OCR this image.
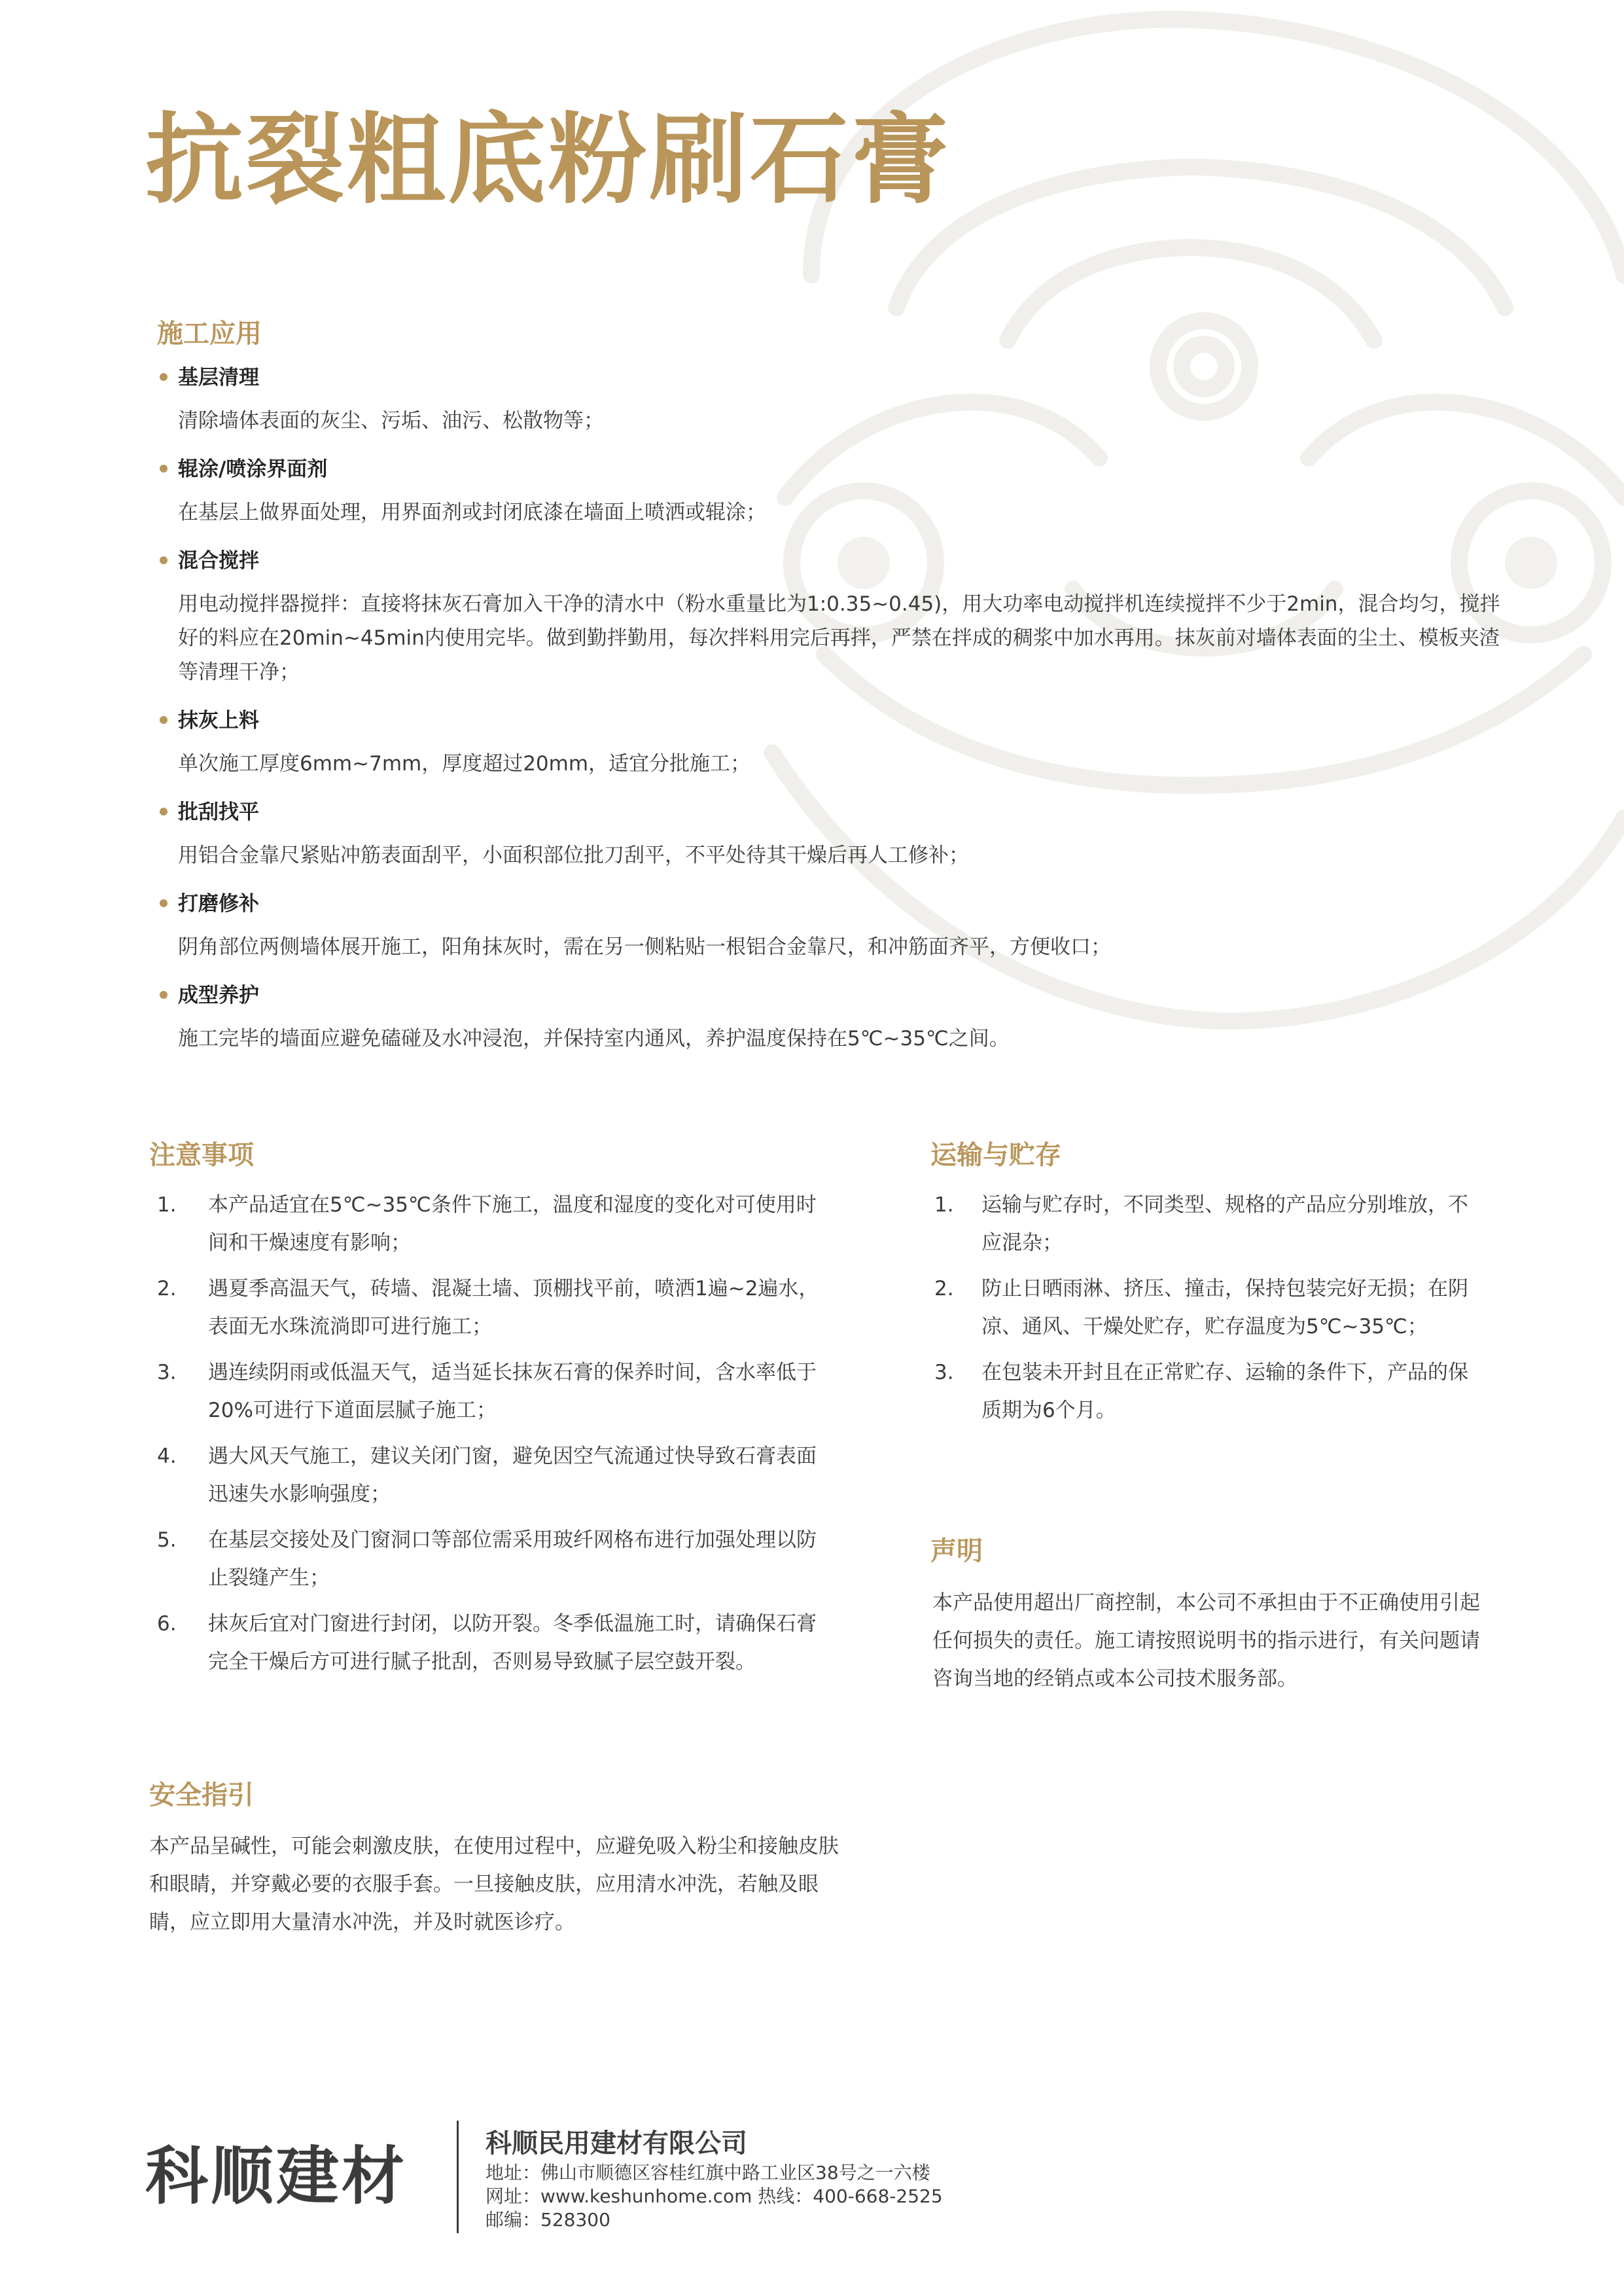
抗裂粗底粉刷石膏
施工应用
基层清理
清除墙体表面的灰尘、污垢、油污、松散物等；
辊涂/喷涂界面剂
在基层上做界面处理，用界面剂或封闭底漆在墙面上喷洒或辊涂；
混合搅拌
用电动搅拌器搅拌：直接将抹灰石膏加入干净的清水中（粉水重量比为1:0.35~0.45)，用大功率电动搅拌机连续搅拌不少于2min，混合均匀，搅拌好的料应在20min~45min内使用完毕。做到勤拌勤用，每次拌料用完后再拌，严禁在拌成的稠浆中加水再用。抹灰前对墙体表面的尘土、模板夹渣等清理干净；
抹灰上料
单次施工厚度6mm~7mm，厚度超过20mm，适宜分批施工；
批刮找平
用铝合金靠尺紧贴冲筋表面刮平，小面积部位批刀刮平，不平处待其干燥后再人工修补；
打磨修补
阴角部位两侧墙体展开施工，阳角抹灰时，需在另一侧粘贴一根铝合金靠尺，和冲筋面齐平，方便收口；
成型养护
施工完毕的墙面应避免磕碰及水冲浸泡，并保持室内通风，养护温度保持在5℃~35℃之间。
注意事项
1.	本产品适宜在5℃~35℃条件下施工，温度和湿度的变化对可使用时间和干燥速度有影响；
2.	遇夏季高温天气，砖墙、混凝土墙、顶棚找平前，喷洒1遍~2遍水，表面无水珠流淌即可进行施工；
3.	遇连续阴雨或低温天气，适当延长抹灰石膏的保养时间，含水率低于20%可进行下道面层腻子施工；
4.	遇大风天气施工，建议关闭门窗，避免因空气流通过快导致石膏表面迅速失水影响强度；
5.	在基层交接处及门窗洞口等部位需采用玻纤网格布进行加强处理以防止裂缝产生；
6.	抹灰后宜对门窗进行封闭，以防开裂。冬季低温施工时，请确保石膏完全干燥后方可进行腻子批刮，否则易导致腻子层空鼓开裂。
运输与贮存
1.	运输与贮存时，不同类型、规格的产品应分别堆放，不应混杂；
2.	防止日晒雨淋、挤压、撞击，保持包装完好无损；在阴凉、通风、干燥处贮存，贮存温度为5℃~35℃；
3.	在包装未开封且在正常贮存、运输的条件下，产品的保质期为6个月。
声明

本产品使用超出厂商控制，本公司不承担由于不正确使用引起任何损失的责任。施工请按照说明书的指示进行，有关问题请咨询当地的经销点或本公司技术服务部。

安全指引

本产品呈碱性，可能会刺激皮肤，在使用过程中，应避免吸入粉尘和接触皮肤和眼睛，并穿戴必要的衣服手套。一旦接触皮肤，应用清水冲洗，若触及眼睛，应立即用大量清水冲洗，并及时就医诊疗。

科顺建材	科顺民用建材有限公司
地址：佛山市顺德区容桂红旗中路工业区38号之一六楼
网址：www.keshunhome.com 热线：400-668-2525
邮编：528300
